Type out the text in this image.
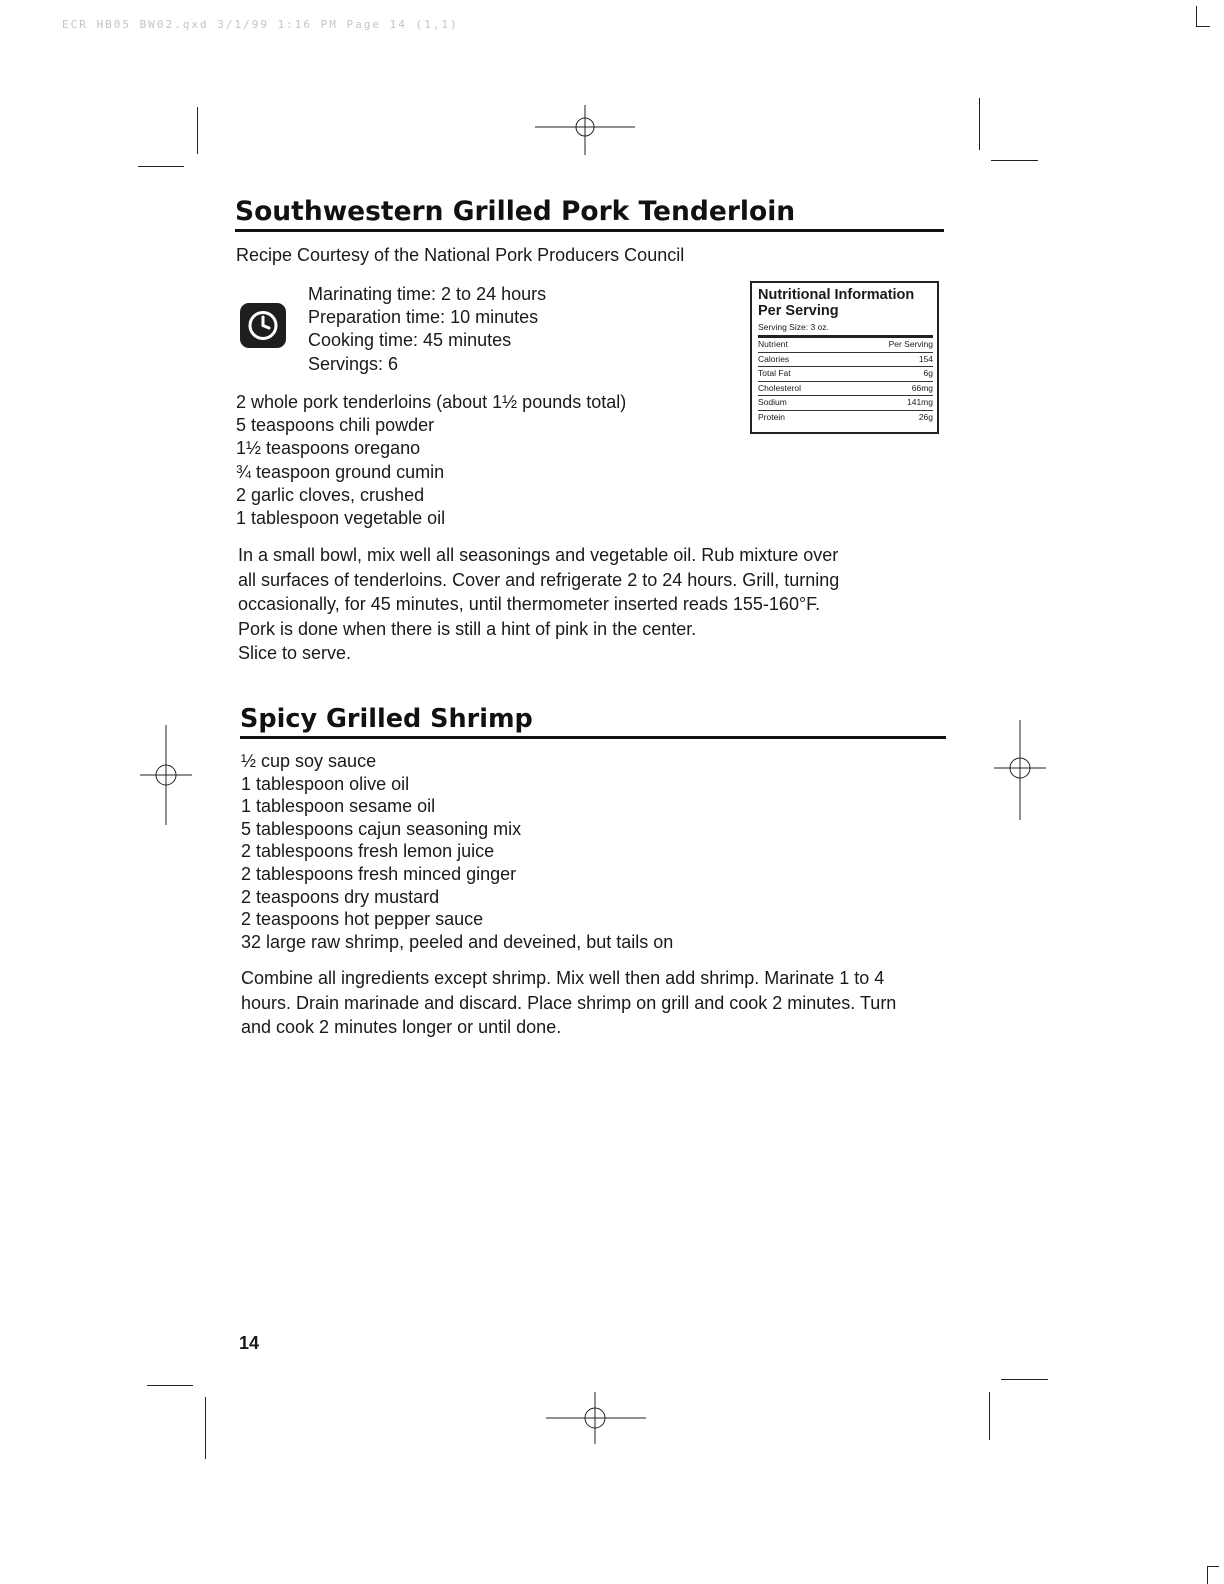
ECR HB05 BW02.qxd 3/1/99 1:16 PM Page 14 (1,1)
Southwestern Grilled Pork Tenderloin
Recipe Courtesy of the National Pork Producers Council
Marinating time: 2 to 24 hours
Preparation time: 10 minutes
Cooking time: 45 minutes
Servings: 6
2 whole pork tenderloins (about 1½ pounds total)
5 teaspoons chili powder
1½ teaspoons oregano
¾ teaspoon ground cumin
2 garlic cloves, crushed
1 tablespoon vegetable oil
Nutritional Information
Per Serving
Serving Size: 3 oz.
Nutrient	Per Serving
Calories	154
Total Fat	6g
Cholesterol	66mg
Sodium	141mg
Protein	26g
In a small bowl, mix well all seasonings and vegetable oil. Rub mixture over
all surfaces of tenderloins. Cover and refrigerate 2 to 24 hours. Grill, turning
occasionally, for 45 minutes, until thermometer inserted reads 155-160°F.
Pork is done when there is still a hint of pink in the center.
Slice to serve.
Spicy Grilled Shrimp
½ cup soy sauce
1 tablespoon olive oil
1 tablespoon sesame oil
5 tablespoons cajun seasoning mix
2 tablespoons fresh lemon juice
2 tablespoons fresh minced ginger
2 teaspoons dry mustard
2 teaspoons hot pepper sauce
32 large raw shrimp, peeled and deveined, but tails on
Combine all ingredients except shrimp. Mix well then add shrimp. Marinate 1 to 4
hours. Drain marinade and discard. Place shrimp on grill and cook 2 minutes. Turn
and cook 2 minutes longer or until done.
14
